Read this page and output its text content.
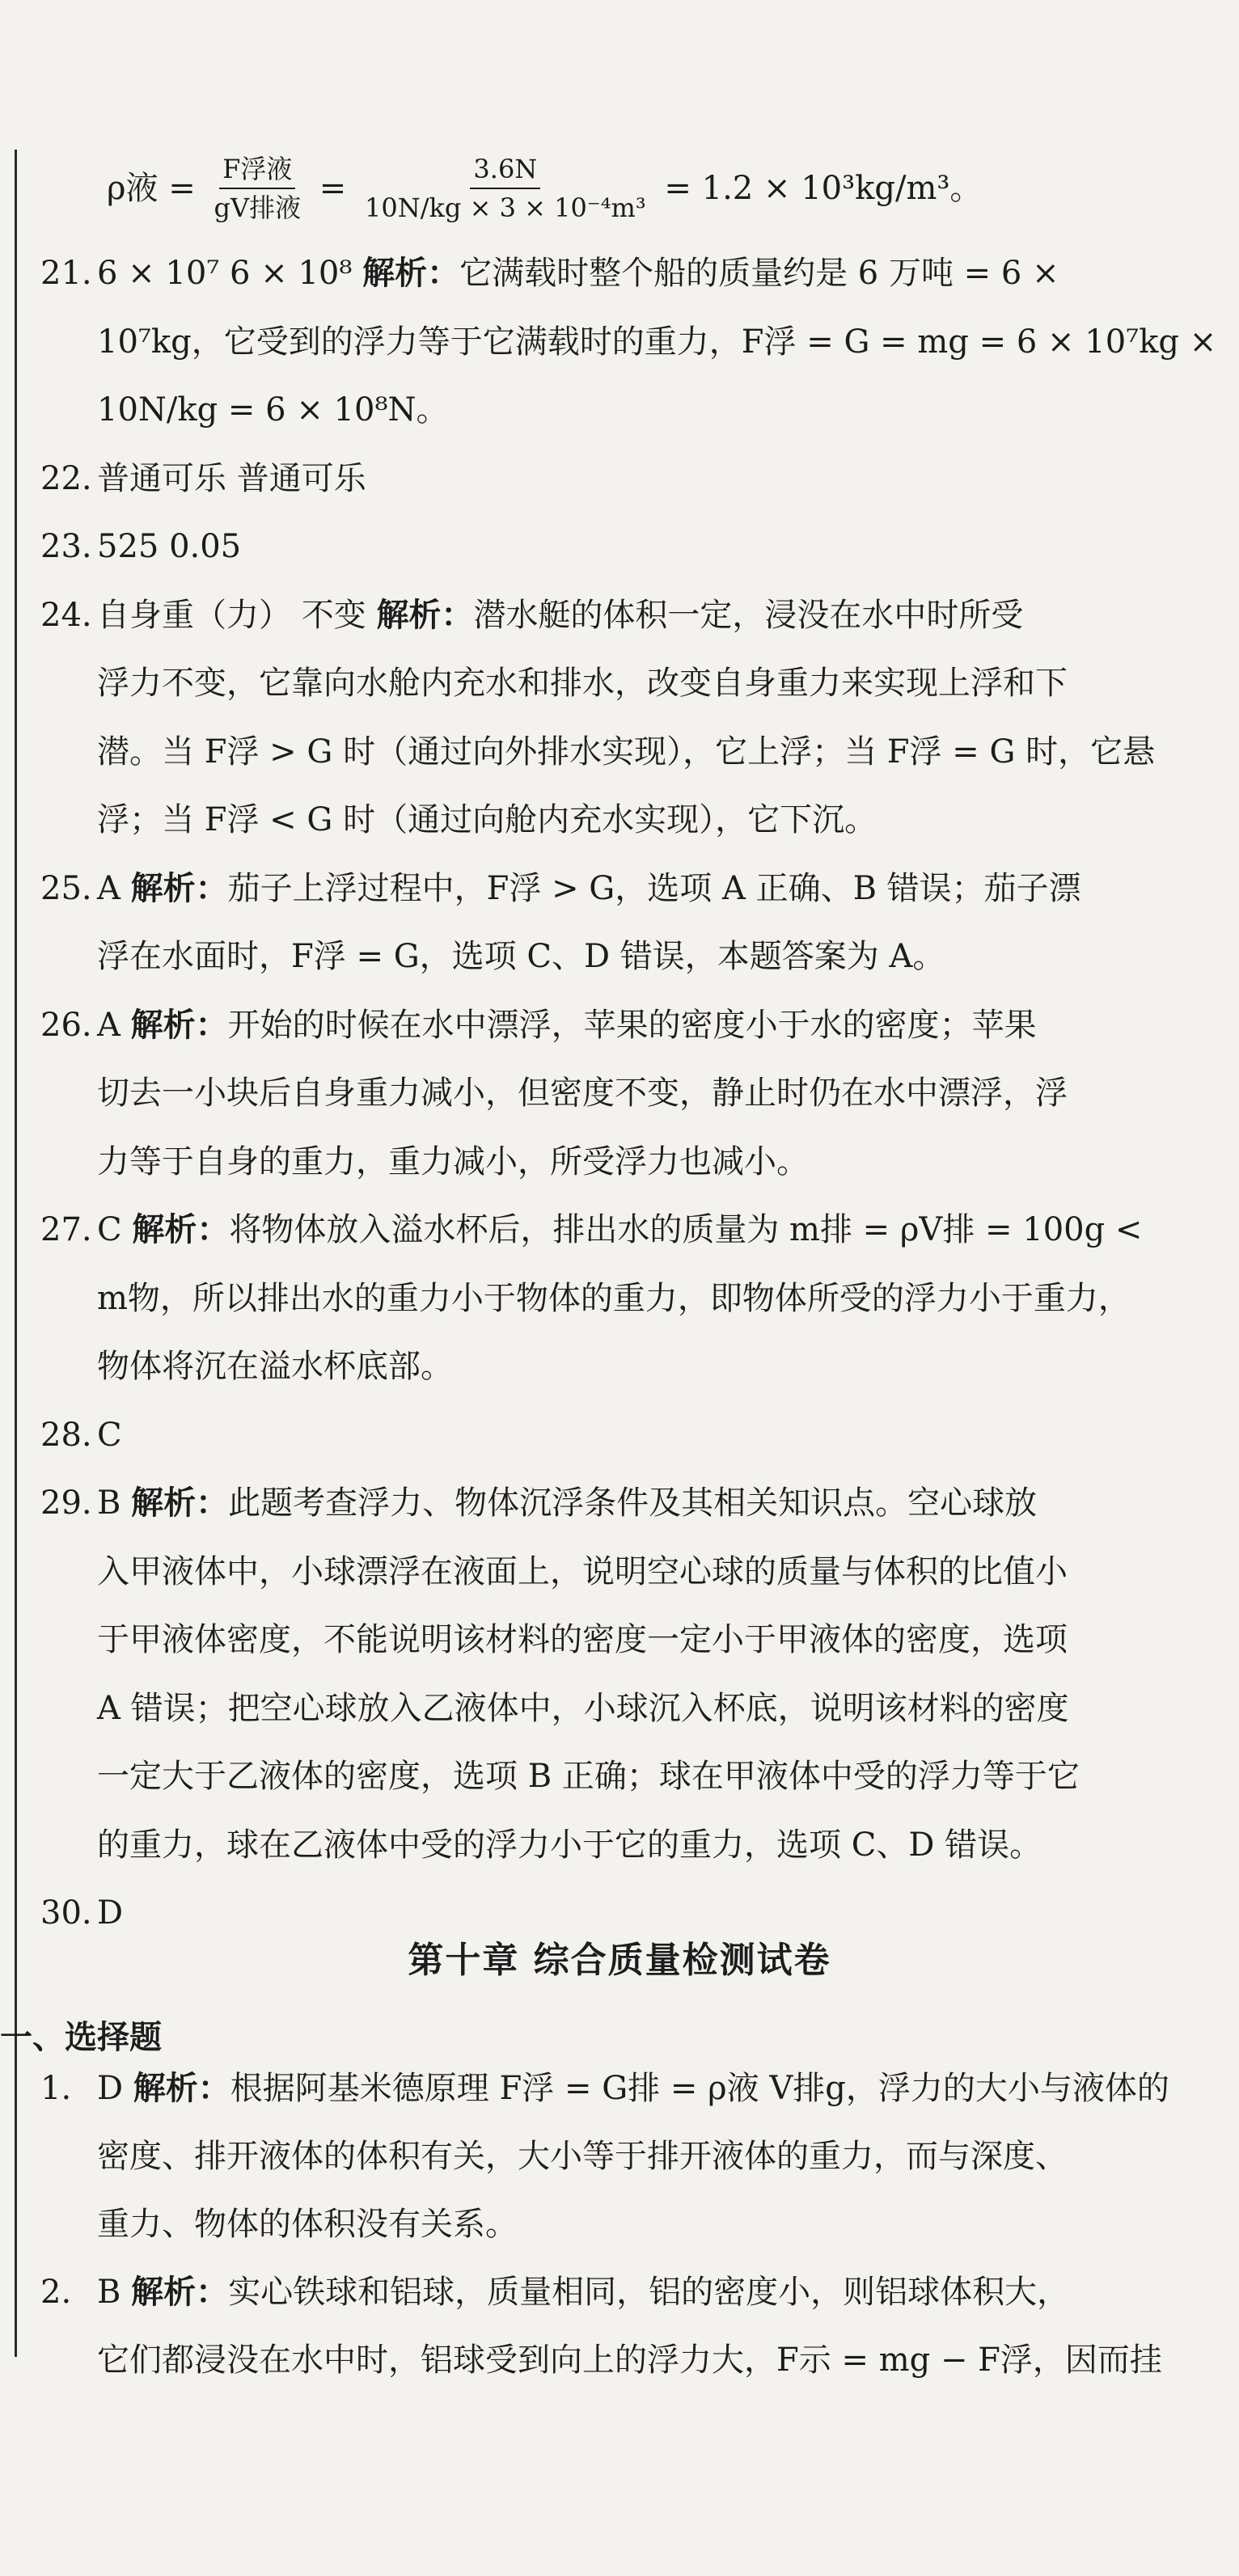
ρ液 = $\frac{\text{F浮液}}{\text{gV排液}} = \frac{3.6N}{\text{10N/kg × 3 × 10⁻⁴m³}} = 1.2 \times 10^3kg/m^3$。
21. 6 × 10⁷ 6 × 10⁸ 解析：它满载时整个船的质量约是 6 万吨 = 6 ×
10⁷kg，它受到的浮力等于它满载时的重力，F浮 = G = mg = 6 × 10⁷kg ×
10N/kg = 6 × 10⁸N。
22. 普通可乐 普通可乐
23. 525 0.05
24. 自身重（力） 不变 解析：潜水艇的体积一定，浸没在水中时所受
浮力不变，它靠向水舱内充水和排水，改变自身重力来实现上浮和下
潜。当 F浮 > G 时（通过向外排水实现），它上浮；当 F浮 = G 时，它悬
浮；当 F浮 < G 时（通过向舱内充水实现），它下沉。
25. A 解析：茄子上浮过程中，F浮 > G，选项 A 正确、B 错误；茄子漂
浮在水面时，F浮 = G，选项 C、D 错误，本题答案为 A。
26. A 解析：开始的时候在水中漂浮，苹果的密度小于水的密度；苹果
切去一小块后自身重力减小，但密度不变，静止时仍在水中漂浮，浮
力等于自身的重力，重力减小，所受浮力也减小。
27. C 解析：将物体放入溢水杯后，排出水的质量为 m排 = ρV排 = 100g <
m物，所以排出水的重力小于物体的重力，即物体所受的浮力小于重力，
物体将沉在溢水杯底部。
28. C
29. B 解析：此题考查浮力、物体沉浮条件及其相关知识点。空心球放
入甲液体中，小球漂浮在液面上，说明空心球的质量与体积的比值小
于甲液体密度，不能说明该材料的密度一定小于甲液体的密度，选项
A 错误；把空心球放入乙液体中，小球沉入杯底，说明该材料的密度
一定大于乙液体的密度，选项 B 正确；球在甲液体中受的浮力等于它
的重力，球在乙液体中受的浮力小于它的重力，选项 C、D 错误。
30. D
第十章 综合质量检测试卷
一、选择题
1. D 解析：根据阿基米德原理 F浮 = G排 = ρ液 V排g，浮力的大小与液体的
密度、排开液体的体积有关，大小等于排开液体的重力，而与深度、
重力、物体的体积没有关系。
2. B 解析：实心铁球和铝球，质量相同，铝的密度小，则铝球体积大，
它们都浸没在水中时，铝球受到向上的浮力大，F示 = mg − F浮，因而挂
